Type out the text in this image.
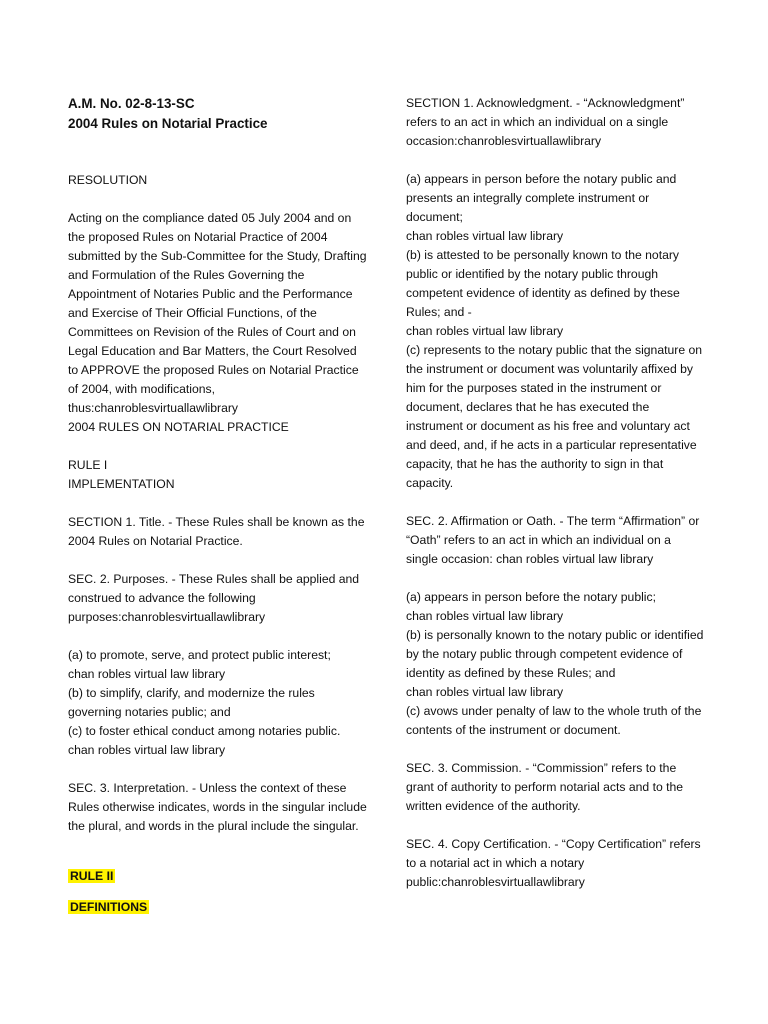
A.M. No. 02-8-13-SC

2004 Rules on Notarial Practice

RESOLUTION

Acting on the compliance dated 05 July 2004 and on the proposed Rules on Notarial Practice of 2004 submitted by the Sub-Committee for the Study, Drafting and Formulation of the Rules Governing the Appointment of Notaries Public and the Performance and Exercise of Their Official Functions, of the Committees on Revision of the Rules of Court and on Legal Education and Bar Matters, the Court Resolved to APPROVE the proposed Rules on Notarial Practice of 2004, with modifications, thus:chanroblesvirtuallawlibrary

2004 RULES ON NOTARIAL PRACTICE

RULE I

IMPLEMENTATION

SECTION 1. Title. - These Rules shall be known as the 2004 Rules on Notarial Practice.

SEC. 2. Purposes. - These Rules shall be applied and construed to advance the following purposes:chanroblesvirtuallawlibrary

(a) to promote, serve, and protect public interest;

chan robles virtual law library

(b) to simplify, clarify, and modernize the rules governing notaries public; and

(c) to foster ethical conduct among notaries public.

chan robles virtual law library

SEC. 3. Interpretation. - Unless the context of these Rules otherwise indicates, words in the singular include the plural, and words in the plural include the singular.

RULE II

DEFINITIONS

SECTION 1. Acknowledgment. - “Acknowledgment” refers to an act in which an individual on a single occasion:chanroblesvirtuallawlibrary

(a) appears in person before the notary public and presents an integrally complete instrument or document;

chan robles virtual law library

(b) is attested to be personally known to the notary public or identified by the notary public through competent evidence of identity as defined by these Rules; and -

chan robles virtual law library

(c) represents to the notary public that the signature on the instrument or document was voluntarily affixed by him for the purposes stated in the instrument or document, declares that he has executed the instrument or document as his free and voluntary act and deed, and, if he acts in a particular representative capacity, that he has the authority to sign in that capacity.

SEC. 2. Affirmation or Oath. - The term “Affirmation” or “Oath” refers to an act in which an individual on a single occasion: chan robles virtual law library

(a) appears in person before the notary public;

chan robles virtual law library

(b) is personally known to the notary public or identified by the notary public through competent evidence of identity as defined by these Rules; and

chan robles virtual law library

(c) avows under penalty of law to the whole truth of the contents of the instrument or document.

SEC. 3. Commission. - “Commission” refers to the grant of authority to perform notarial acts and to the written evidence of the authority.

SEC. 4. Copy Certification. - “Copy Certification” refers to a notarial act in which a notary public:chanroblesvirtuallawlibrary
